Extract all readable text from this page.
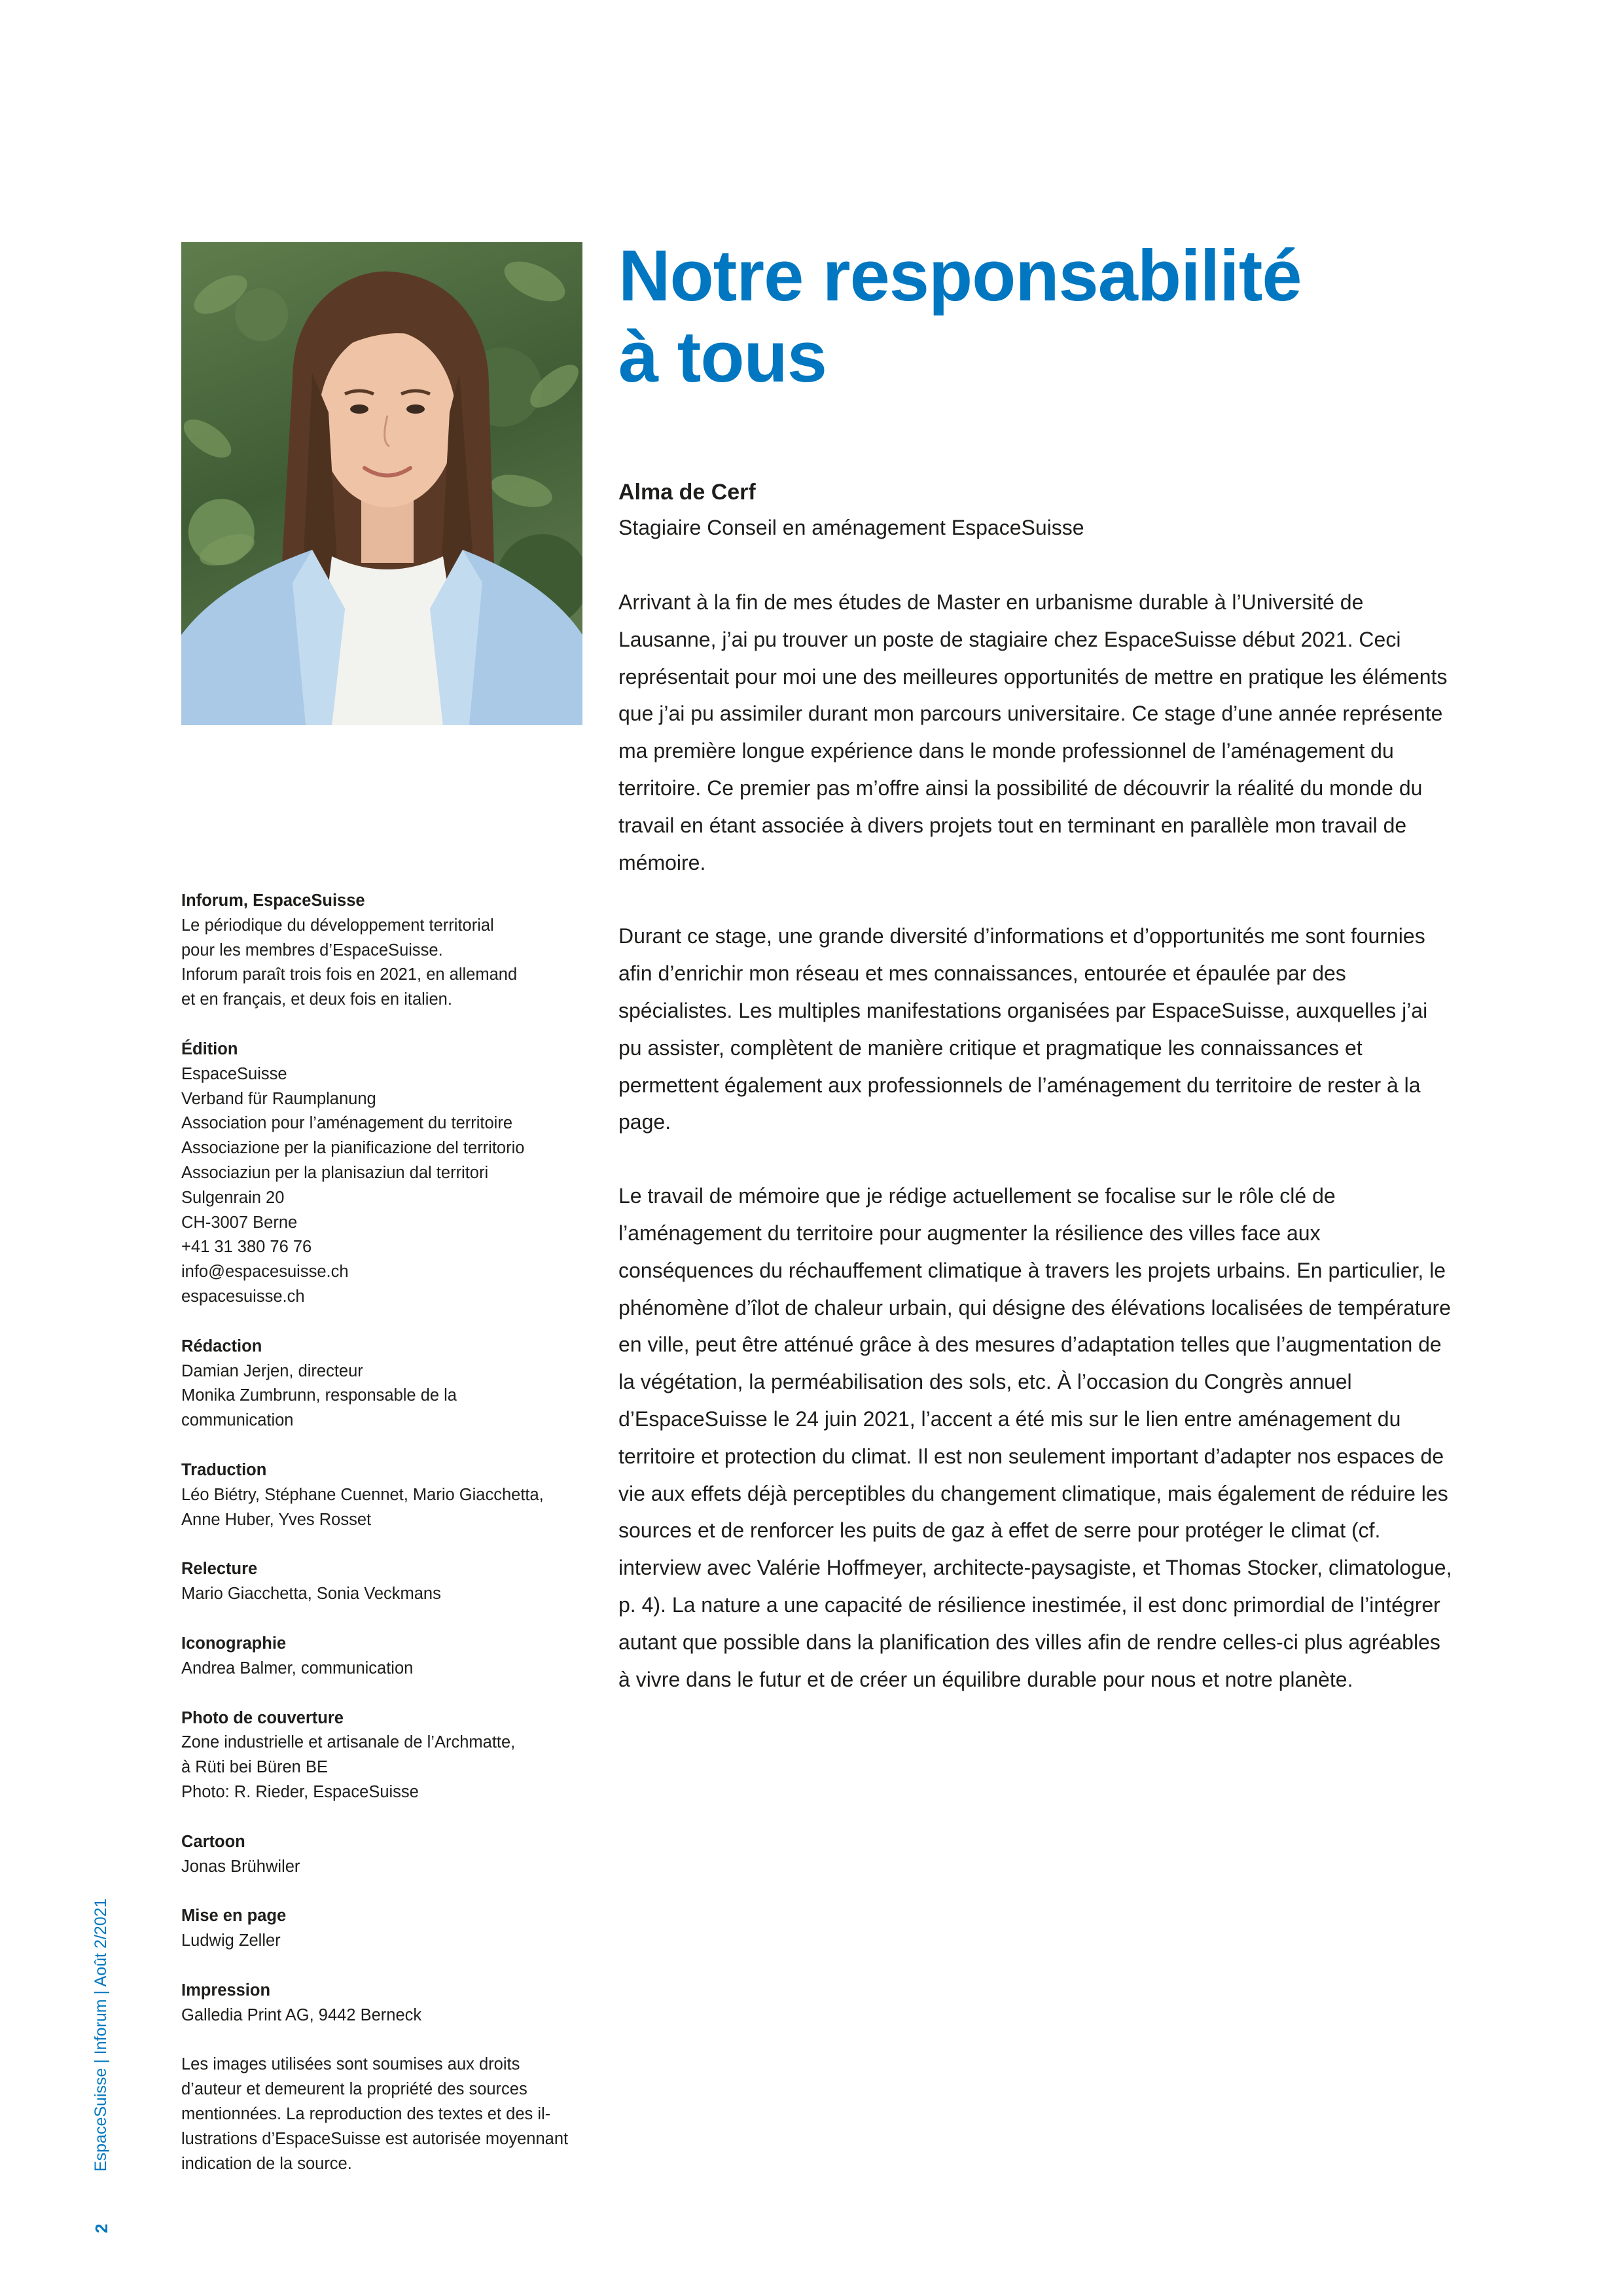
Notre responsabilité
à tous
Alma de Cerf
Stagiaire Conseil en aménagement EspaceSuisse

Arrivant à la fin de mes études de Master en urbanisme durable à l’Université de Lausanne, j’ai pu trouver un poste de stagiaire chez EspaceSuisse début 2021. Ceci représentait pour moi une des meilleures opportunités de mettre en pratique les éléments que j’ai pu assimiler durant mon parcours universitaire. Ce stage d’une année représente ma première longue expérience dans le monde professionnel de l’aménagement du territoire. Ce premier pas m’offre ainsi la possibilité de découvrir la réalité du monde du travail en étant associée à divers projets tout en terminant en parallèle mon travail de mémoire.

Durant ce stage, une grande diversité d’informations et d’opportunités me sont fournies afin d’enrichir mon réseau et mes connaissances, entourée et épaulée par des spécialistes. Les multiples manifestations organisées par EspaceSuisse, auxquelles j’ai pu assister, complètent de manière critique et pragmatique les connaissances et permettent également aux professionnels de l’aménagement du territoire de rester à la page.

Le travail de mémoire que je rédige actuellement se focalise sur le rôle clé de l’aménagement du territoire pour augmenter la résilience des villes face aux conséquences du réchauffement climatique à travers les projets urbains. En particulier, le phénomène d’îlot de chaleur urbain, qui désigne des élévations localisées de température en ville, peut être atténué grâce à des mesures d’adaptation telles que l’augmentation de la végétation, la perméabilisation des sols, etc. À l’occasion du Congrès annuel d’EspaceSuisse le 24 juin 2021, l’accent a été mis sur le lien entre aménagement du territoire et protection du climat. Il est non seulement important d’adapter nos espaces de vie aux effets déjà perceptibles du changement climatique, mais également de réduire les sources et de renforcer les puits de gaz à effet de serre pour protéger le climat (cf. interview avec Valérie Hoffmeyer, architecte-paysagiste, et Thomas Stocker, climatologue, p. 4). La nature a une capacité de résilience inestimée, il est donc primordial de l’intégrer autant que possible dans la planification des villes afin de rendre celles-ci plus agréables à vivre dans le futur et de créer un équilibre durable pour nous et notre planète.

Inforum, EspaceSuisse
Le périodique du développement territorial
pour les membres d’EspaceSuisse.
Inforum paraît trois fois en 2021, en allemand
et en français, et deux fois en italien.
Édition
EspaceSuisse
Verband für Raumplanung
Association pour l’aménagement du territoire
Associazione per la pianificazione del territorio
Associaziun per la planisaziun dal territori
Sulgenrain 20
CH-3007 Berne
+41 31 380 76 76
info@espacesuisse.ch
espacesuisse.ch
Rédaction
Damian Jerjen, directeur
Monika Zumbrunn, responsable de la
communication
Traduction
Léo Biétry, Stéphane Cuennet, Mario Giacchetta,
Anne Huber, Yves Rosset
Relecture
Mario Giacchetta, Sonia Veckmans
Iconographie
Andrea Balmer, communication
Photo de couverture
Zone industrielle et artisanale de l’Archmatte,
à Rüti bei Büren BE
Photo: R. Rieder, EspaceSuisse
Cartoon
Jonas Brühwiler
Mise en page
Ludwig Zeller
Impression
Galledia Print AG, 9442 Berneck
Les images utilisées sont soumises aux droits
d’auteur et demeurent la propriété des sources
mentionnées. La reproduction des textes et des il-
lustrations d’EspaceSuisse est autorisée moyennant
indication de la source.
EspaceSuisse | Inforum | Août 2/2021
2
